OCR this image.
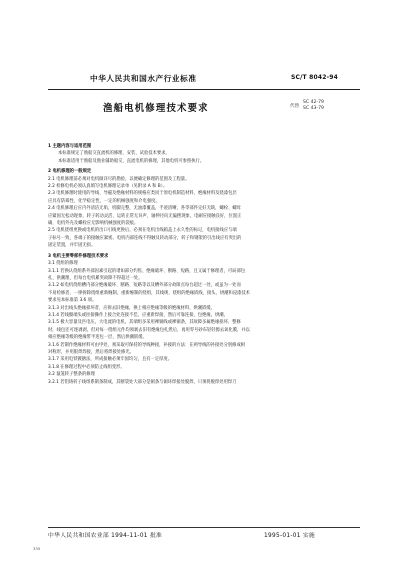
中华人民共和国水产行业标准	SC/T 8042-94
渔船电机修理技术要求	代替
SC 42-79
SC 43-79

1 主题内容与适用范围

本标准规定了渔船交直流机的修理、安装、试验技术要求。

本标准适用于渔船及渔业辅助船交、直流电机的修理，其他电机可参照执行。

2 电机修理的一般规定

2.1 电机修理前必须对电机做详尽的勘验，以便确定修理的范围及工程量。

2.2 检修电机必须认真填写电机修理记录单（见附录 A 和 B）。

2.3 电机修理时使用的导线、导磁及绝缘材料的规格应类同于原电机制造材料，绝缘材料及绕漆包层

应具有防霉性、化学稳定性，一定的机械强度和介电强度。

2.4 电机修理后应内外清洁无垢，机脚完整，无油漆覆盖，手迹清晰，各零部件完好无缺，螺栓、螺母

应紧固无松动现象，转子转动灵活，运转正常无异声，轴伸径向无偏摆现象，电刷应接触良好，位置正

确，电机外壳及螺栓应无影响机械强度的裂痕。

2.5 电机绕组更换或电机的出口引线更换后，必须在电机出线箱盖上永久性的标记，电机接线应与端

子标号一致，各端子的接触应紧密。电机内部连线不得触及转动部分，转子和钢架的引出线应有突出的

固定装置，并牢固无损。

3 电机主要零部件修理技术要求

3.1 绕组的修理

3.1.1 若换认绕组系外部因素引起的诸如部分灼焦、绝缘破坏、断路、短路，且又属于修理者，可局部包

扎、供潮理，但每台电机累突故障不得超过一处。

3.1.2 如电机绕组槽内部分绝缘破坏、断路、短路等以及槽外部分故障点每台超过一处，或虽为一处而

不易检修者，一律拆除绕组重新缠制，重新缠制的绕组，其线规、绕组的绝缘嵌线、接头、烘潮和浸漆技术

要求见本标准第 3.6 项。

3.1.3 对出线头绝缘损坏者，应拆去旧绝缘，换上相应绝缘等级的绝缘材料，烘潮嵌缓。

3.1.4 若线圈端头或匝接操作上接合处连接不佳，应重新焊接，然后可靠连接，包绝缘，烘潮。

3.1.5 极大容量及匹电压，大电流的电机，其端组多采用裸铜线或裸铜条，其故障多属绝缘损坏，整修

时，线包还可逐剥剥，但对每一绕组元件均须剥去旧有绝缘包扎然后，再用零号砂布轻轻擦去氧化膜，并以

相应绝缘等级的绝缘带半迭包一层，然后烘潮嵌缓。

3.1.6 若制作绝缘材料可由甲处，须采取可保持的导线种接，补接的方法：在两导线的补接处分别修成相

对称形，并用银焊焊接，然后将焊接处修光。

3.1.7 采用电铁镀搪法，所成接触必须牢固均匀，且有一定厚度。

3.1.8 在修理过程中必须防止线组变形。

3.2 鼠笼转子整条的修理

3.2.1 若铝铸转子线组系制条制成，其断袋处大部分是铜条与铜环焊接处脱焊，只须将脱焊处用焊刀

中华人民共和国农业部 1994-11-01 批准	1995-01-01 实施
335
